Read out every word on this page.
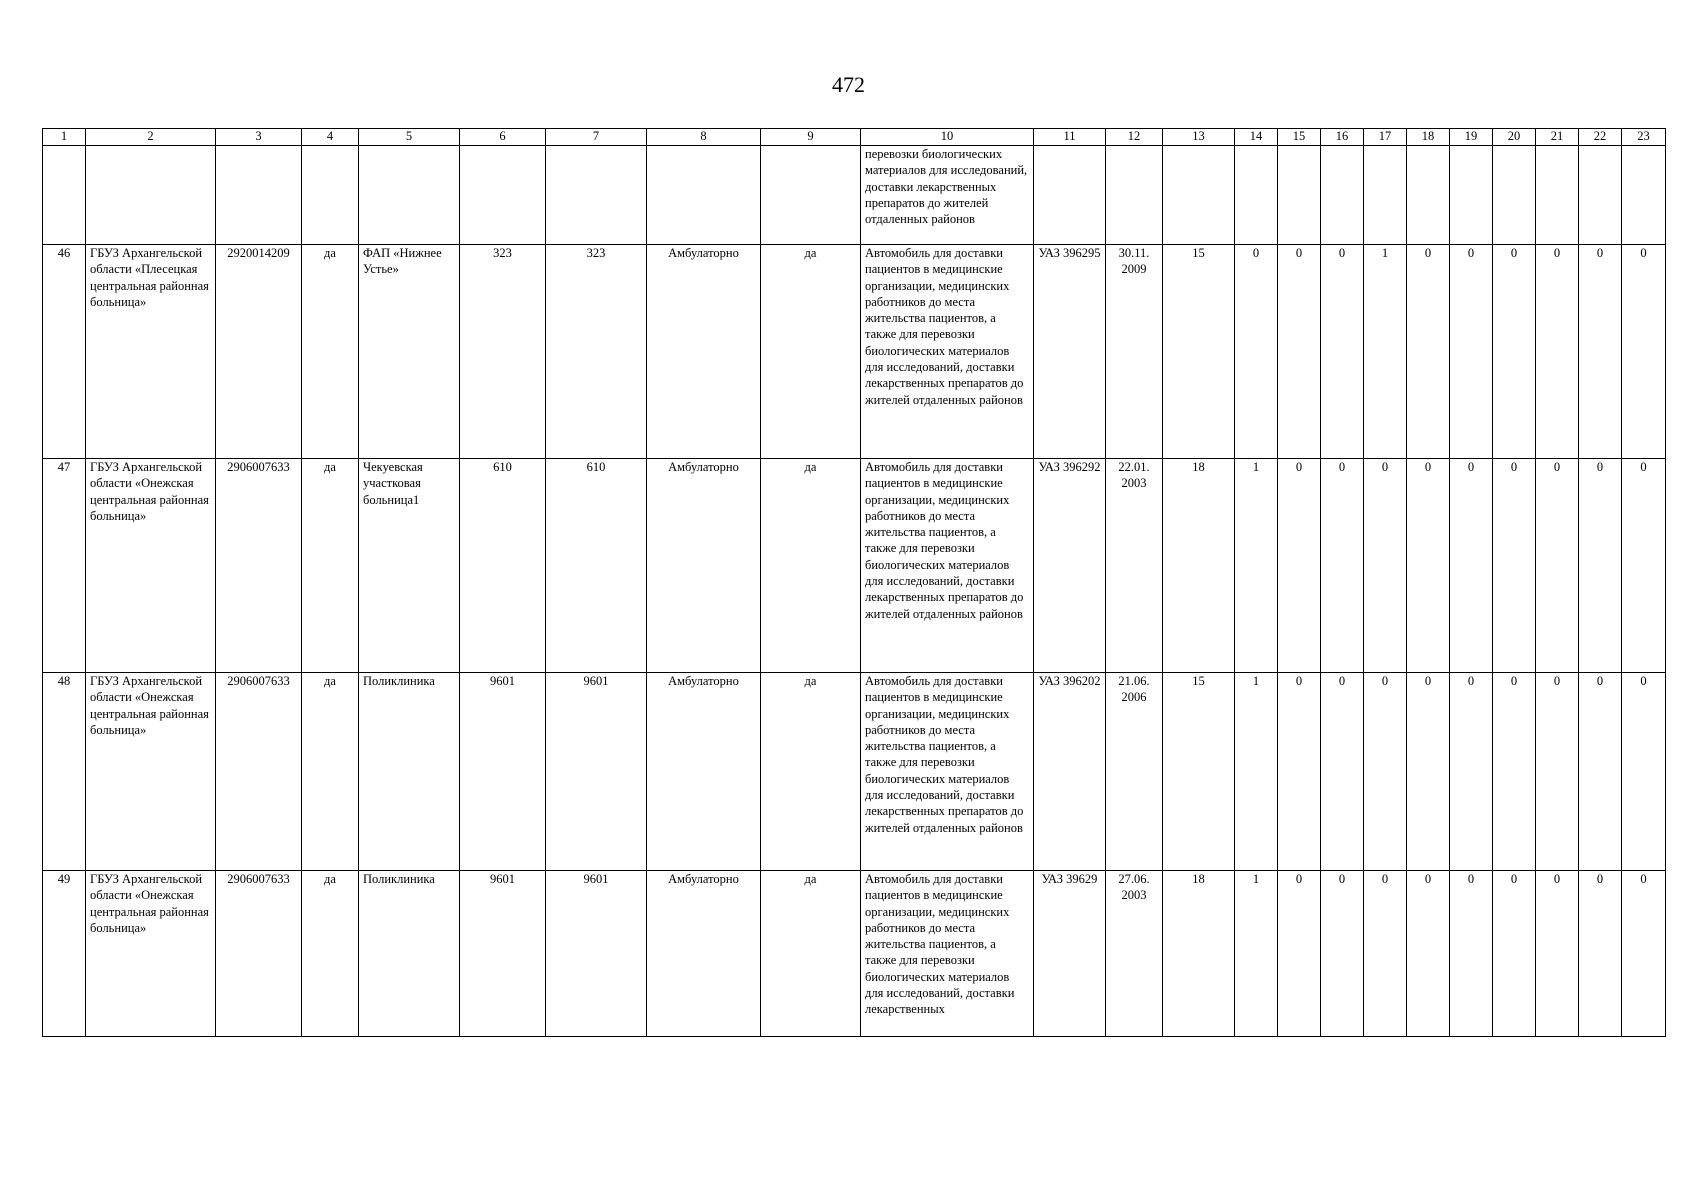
472
1	2	3	4	5	6	7	8	9	10	11	12	13	14	15	16	17	18	19	20	21	22	23
									перевозки биологических материалов для исследований, доставки лекарственных препаратов до жителей отдаленных районов													
46	ГБУЗ Архангельской области «Плесецкая центральная районная больница»	2920014209	да	ФАП «Нижнее Устье»	323	323	Амбулаторно	да	Автомобиль для доставки пациентов в медицинские организации, медицинских работников до места жительства пациентов, а также для перевозки биологических материалов для исследований, доставки лекарственных препаратов до жителей отдаленных районов	УАЗ 396295	30.11. 2009	15	0	0	0	1	0	0	0	0	0	0
47	ГБУЗ Архангельской области «Онежская центральная районная больница»	2906007633	да	Чекуевская участковая больница1	610	610	Амбулаторно	да	Автомобиль для доставки пациентов в медицинские организации, медицинских работников до места жительства пациентов, а также для перевозки биологических материалов для исследований, доставки лекарственных препаратов до жителей отдаленных районов	УАЗ 396292	22.01. 2003	18	1	0	0	0	0	0	0	0	0	0
48	ГБУЗ Архангельской области «Онежская центральная районная больница»	2906007633	да	Поликлиника	9601	9601	Амбулаторно	да	Автомобиль для доставки пациентов в медицинские организации, медицинских работников до места жительства пациентов, а также для перевозки биологических материалов для исследований, доставки лекарственных препаратов до жителей отдаленных районов	УАЗ 396202	21.06. 2006	15	1	0	0	0	0	0	0	0	0	0
49	ГБУЗ Архангельской области «Онежская центральная районная больница»	2906007633	да	Поликлиника	9601	9601	Амбулаторно	да	Автомобиль для доставки пациентов в медицинские организации, медицинских работников до места жительства пациентов, а также для перевозки биологических материалов для исследований, доставки лекарственных	УАЗ 39629	27.06. 2003	18	1	0	0	0	0	0	0	0	0	0
